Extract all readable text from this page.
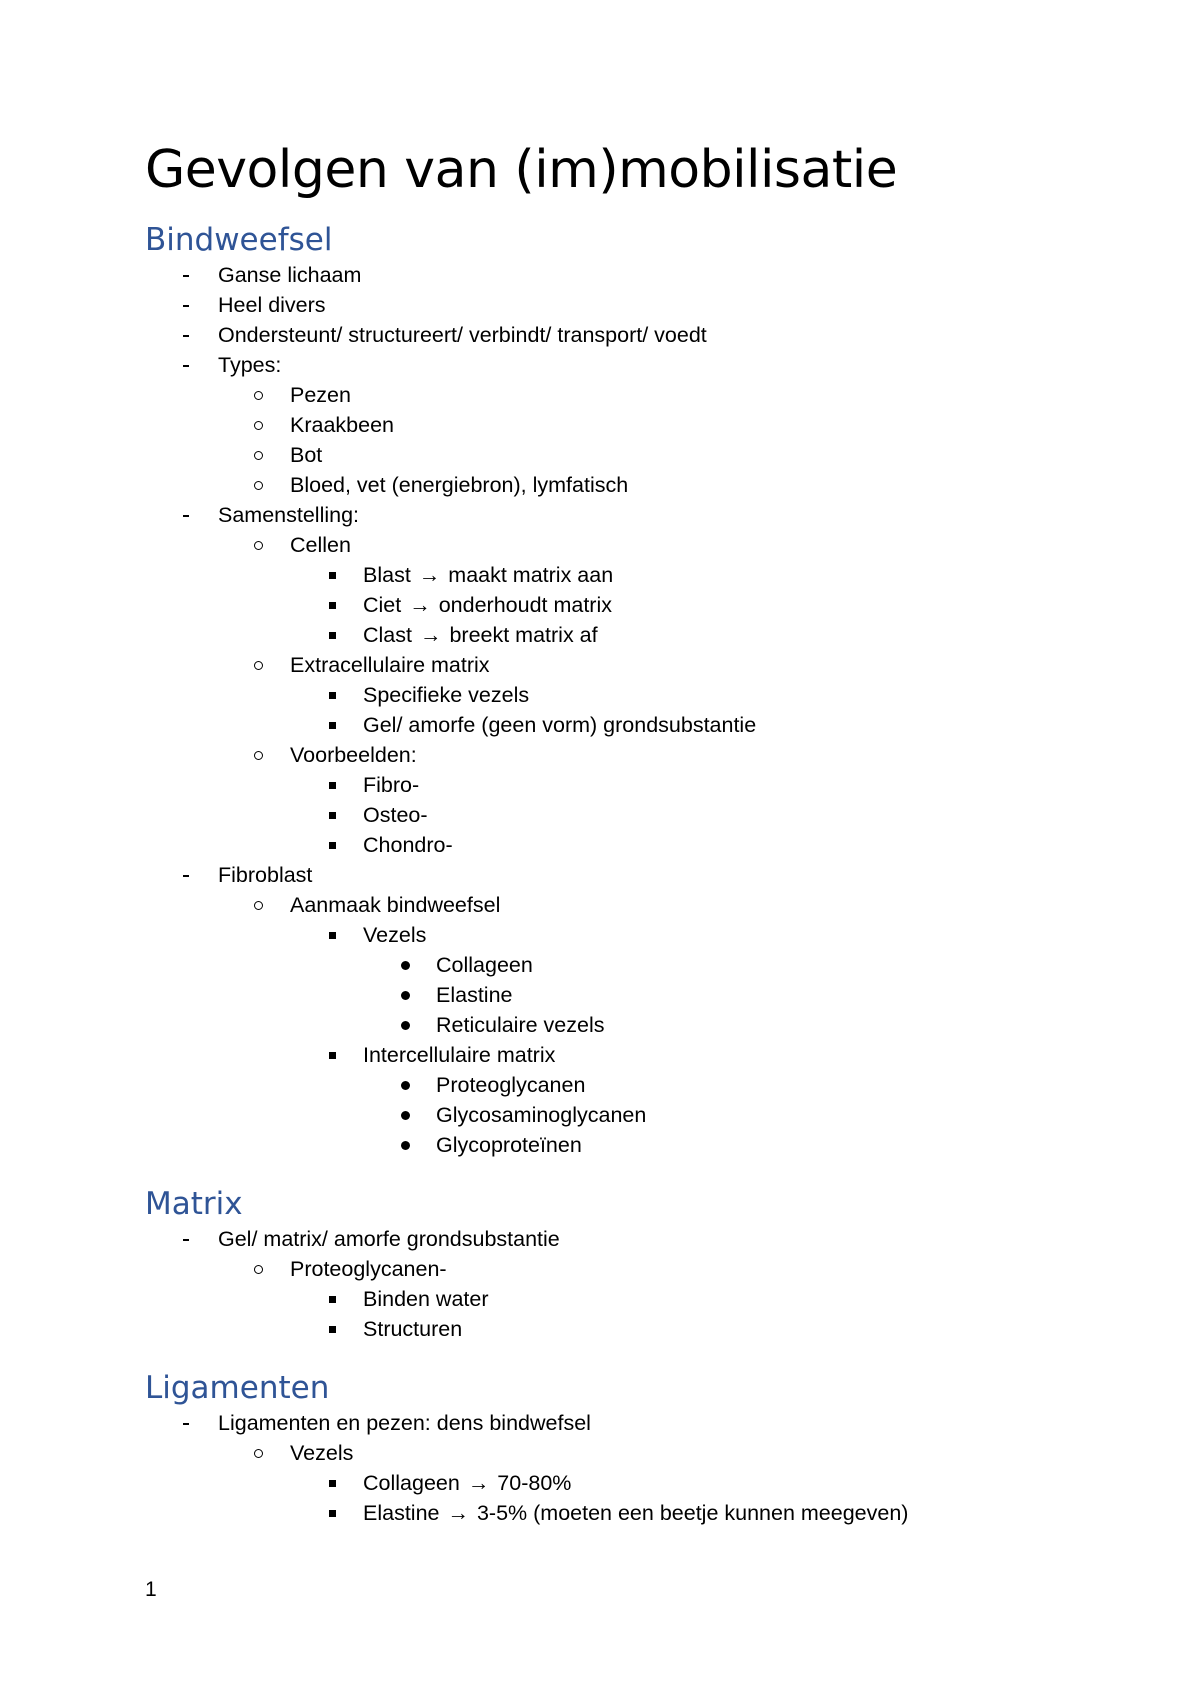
Gevolgen van (im)mobilisatie
Bindweefsel
Ganse lichaam
Heel divers
Ondersteunt/ structureert/ verbindt/ transport/ voedt
Types:
Pezen
Kraakbeen
Bot
Bloed, vet (energiebron), lymfatisch
Samenstelling:
Cellen
Blast → maakt matrix aan
Ciet → onderhoudt matrix
Clast → breekt matrix af
Extracellulaire matrix
Specifieke vezels
Gel/ amorfe (geen vorm) grondsubstantie
Voorbeelden:
Fibro-
Osteo-
Chondro-
Fibroblast
Aanmaak bindweefsel
Vezels
Collageen
Elastine
Reticulaire vezels
Intercellulaire matrix
Proteoglycanen
Glycosaminoglycanen
Glycoproteïnen
Matrix
Gel/ matrix/ amorfe grondsubstantie
Proteoglycanen-
Binden water
Structuren
Ligamenten
Ligamenten en pezen: dens bindwefsel
Vezels
Collageen → 70-80%
Elastine → 3-5% (moeten een beetje kunnen meegeven)
1
